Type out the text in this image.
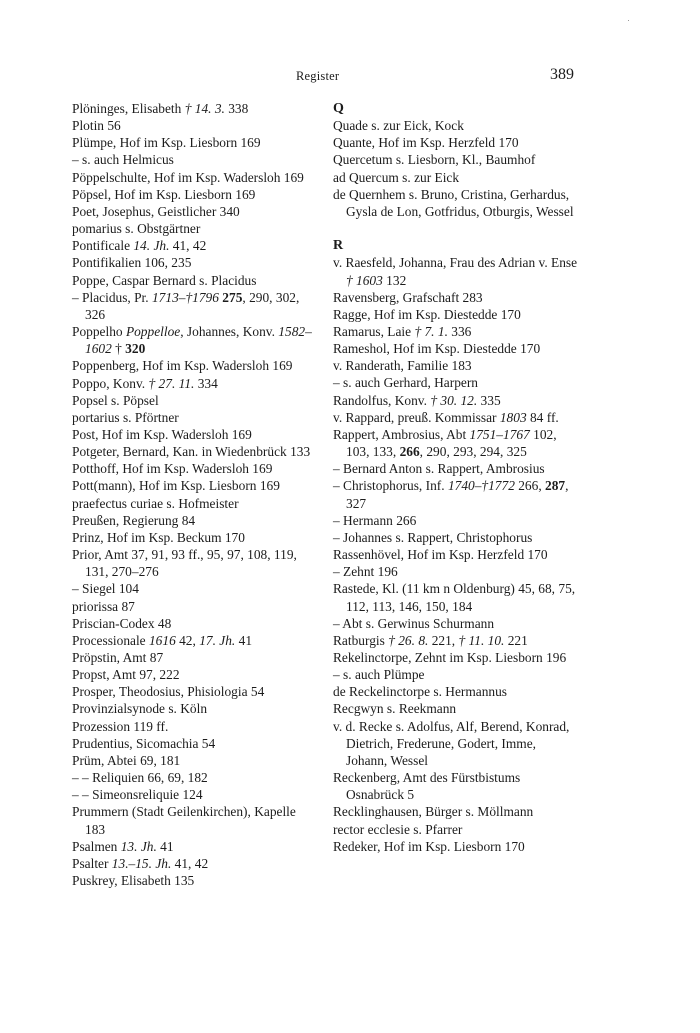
Register	389
Plöninges, Elisabeth † 14. 3. 338
Plotin 56
Plümpe, Hof im Ksp. Liesborn 169
– s. auch Helmicus
Pöppelschulte, Hof im Ksp. Wadersloh 169
Pöpsel, Hof im Ksp. Liesborn 169
Poet, Josephus, Geistlicher 340
pomarius s. Obstgärtner
Pontificale 14. Jh. 41, 42
Pontifikalien 106, 235
Poppe, Caspar Bernard s. Placidus
– Placidus, Pr. 1713–†1796 275, 290, 302, 326
Poppelho Poppelloe, Johannes, Konv. 1582–1602 † 320
Poppenberg, Hof im Ksp. Wadersloh 169
Poppo, Konv. † 27. 11. 334
Popsel s. Pöpsel
portarius s. Pförtner
Post, Hof im Ksp. Wadersloh 169
Potgeter, Bernard, Kan. in Wiedenbrück 133
Potthoff, Hof im Ksp. Wadersloh 169
Pott(mann), Hof im Ksp. Liesborn 169
praefectus curiae s. Hofmeister
Preußen, Regierung 84
Prinz, Hof im Ksp. Beckum 170
Prior, Amt 37, 91, 93 ff., 95, 97, 108, 119, 131, 270–276
– Siegel 104
priorissa 87
Priscian-Codex 48
Processionale 1616 42, 17. Jh. 41
Pröpstin, Amt 87
Propst, Amt 97, 222
Prosper, Theodosius, Phisiologia 54
Provinzialsynode s. Köln
Prozession 119 ff.
Prudentius, Sicomachia 54
Prüm, Abtei 69, 181
– – Reliquien 66, 69, 182
– – Simeonsreliquie 124
Prummern (Stadt Geilenkirchen), Kapelle 183
Psalmen 13. Jh. 41
Psalter 13.–15. Jh. 41, 42
Puskrey, Elisabeth 135
Q
Quade s. zur Eick, Kock
Quante, Hof im Ksp. Herzfeld 170
Quercetum s. Liesborn, Kl., Baumhof
ad Quercum s. zur Eick
de Quernhem s. Bruno, Cristina, Gerhardus, Gysla de Lon, Gotfridus, Otburgis, Wessel
R
v. Raesfeld, Johanna, Frau des Adrian v. Ense † 1603 132
Ravensberg, Grafschaft 283
Ragge, Hof im Ksp. Diestedde 170
Ramarus, Laie † 7. 1. 336
Rameshol, Hof im Ksp. Diestedde 170
v. Randerath, Familie 183
– s. auch Gerhard, Harpern
Randolfus, Konv. † 30. 12. 335
v. Rappard, preuß. Kommissar 1803 84 ff.
Rappert, Ambrosius, Abt 1751–1767 102, 103, 133, 266, 290, 293, 294, 325
– Bernard Anton s. Rappert, Ambrosius
– Christophorus, Inf. 1740–†1772 266, 287, 327
– Hermann 266
– Johannes s. Rappert, Christophorus
Rassenhövel, Hof im Ksp. Herzfeld 170
– Zehnt 196
Rastede, Kl. (11 km n Oldenburg) 45, 68, 75, 112, 113, 146, 150, 184
– Abt s. Gerwinus Schurmann
Ratburgis † 26. 8. 221, † 11. 10. 221
Rekelinctorpe, Zehnt im Ksp. Liesborn 196
– s. auch Plümpe
de Reckelinctorpe s. Hermannus
Recgwyn s. Reekmann
v. d. Recke s. Adolfus, Alf, Berend, Konrad, Dietrich, Frederune, Godert, Imme, Johann, Wessel
Reckenberg, Amt des Fürstbistums Osnabrück 5
Recklinghausen, Bürger s. Möllmann
rector ecclesie s. Pfarrer
Redeker, Hof im Ksp. Liesborn 170
